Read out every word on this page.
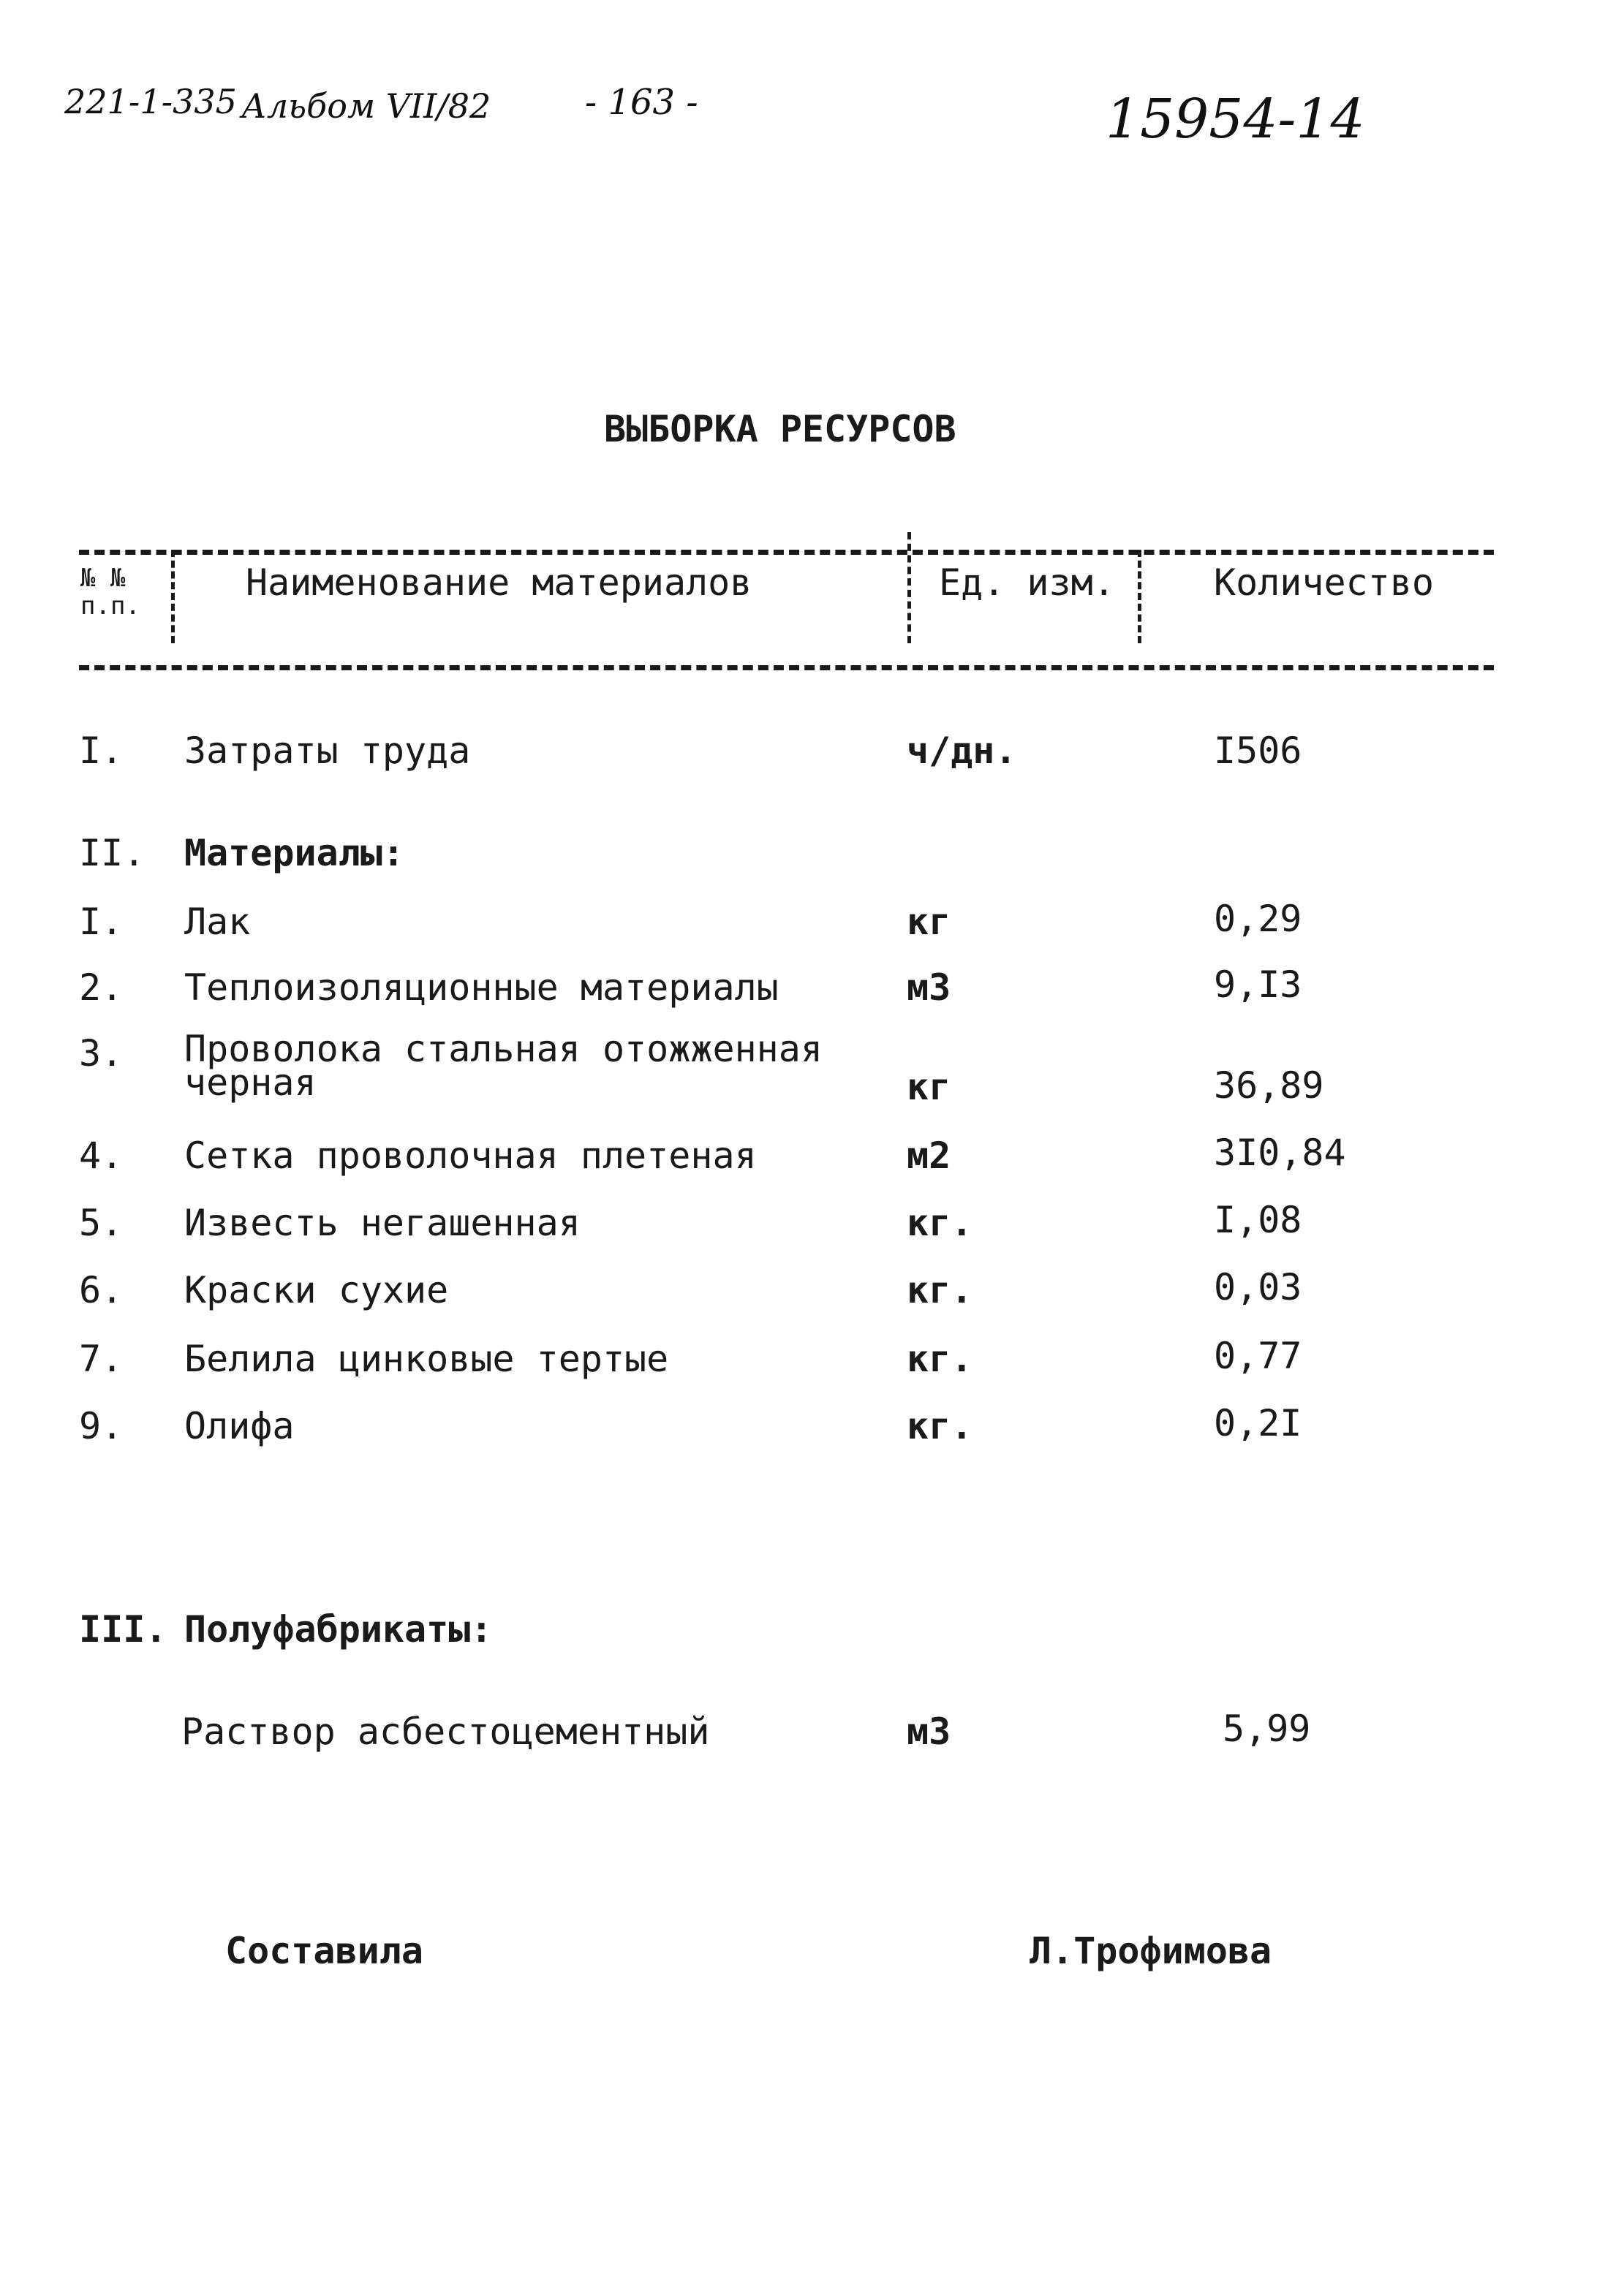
221-1-335 Альбом VII/82	- 163 -	15954-14
ВЫБОРКА РЕСУРСОВ
№ №
п.п.
Наименование материалов	Ед. изм.	Количество
I. Затраты труда	ч/дн.	I506
II. Материалы:
I. Лак	кг	0,29
2. Теплоизоляционные материалы	м3	9,I3
3. Проволока стальная отожженная
черная	кг	36,89
4. Сетка проволочная плетеная	м2	3I0,84
5. Известь негашенная	кг.	I,08
6. Краски сухие	кг.	0,03
7. Белила цинковые тертые	кг.	0,77
9. Олифа	кг.	0,2I
III. Полуфабрикаты:
Раствор асбестоцементный	м3	5,99
Составила	Л.Трофимова
